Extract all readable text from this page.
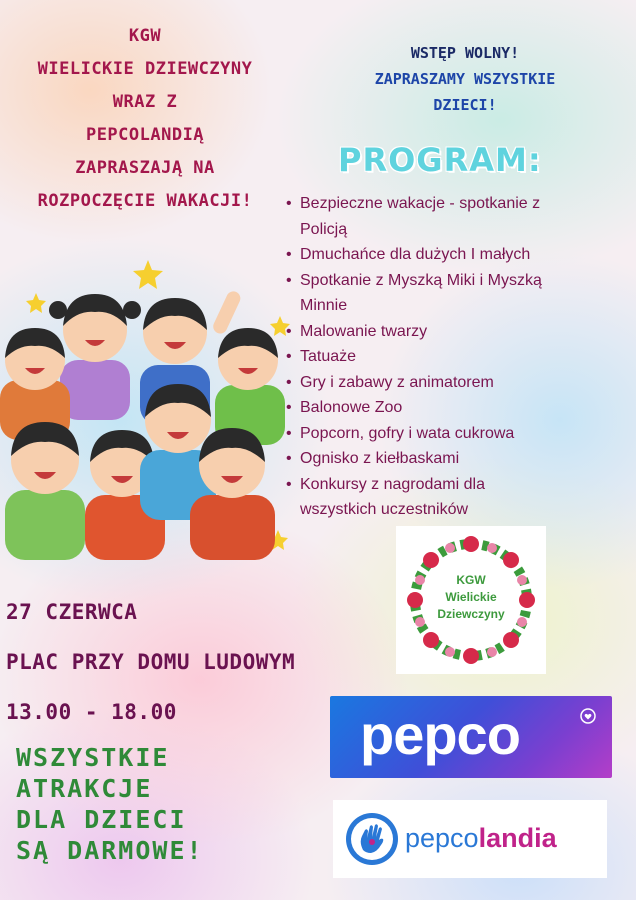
KGW
WIELICKIE DZIEWCZYNY
WRAZ Z
PEPCOLANDIĄ
ZAPRASZAJĄ NA
ROZPOCZĘCIE WAKACJI!
WSTĘP WOLNY!
ZAPRASZAMY WSZYSTKIE
DZIECI!
PROGRAM:
• Bezpieczne wakacje - spotkanie z
Policją
• Dmuchańce dla dużych I małych
• Spotkanie z Myszką Miki i Myszką
Minnie
• Malowanie twarzy
• Tatuaże
• Gry i zabawy z animatorem
• Balonowe Zoo
• Popcorn, gofry i wata cukrowa
• Ognisko z kiełbaskami
• Konkursy z nagrodami dla
wszystkich uczestników
KGW
Wielickie
Dziewczyny
27 CZERWCA
PLAC PRZY DOMU LUDOWYM
13.00 - 18.00
WSZYSTKIE
ATRAKCJE
DLA DZIECI
SĄ DARMOWE!
pepco
pepcolandia
